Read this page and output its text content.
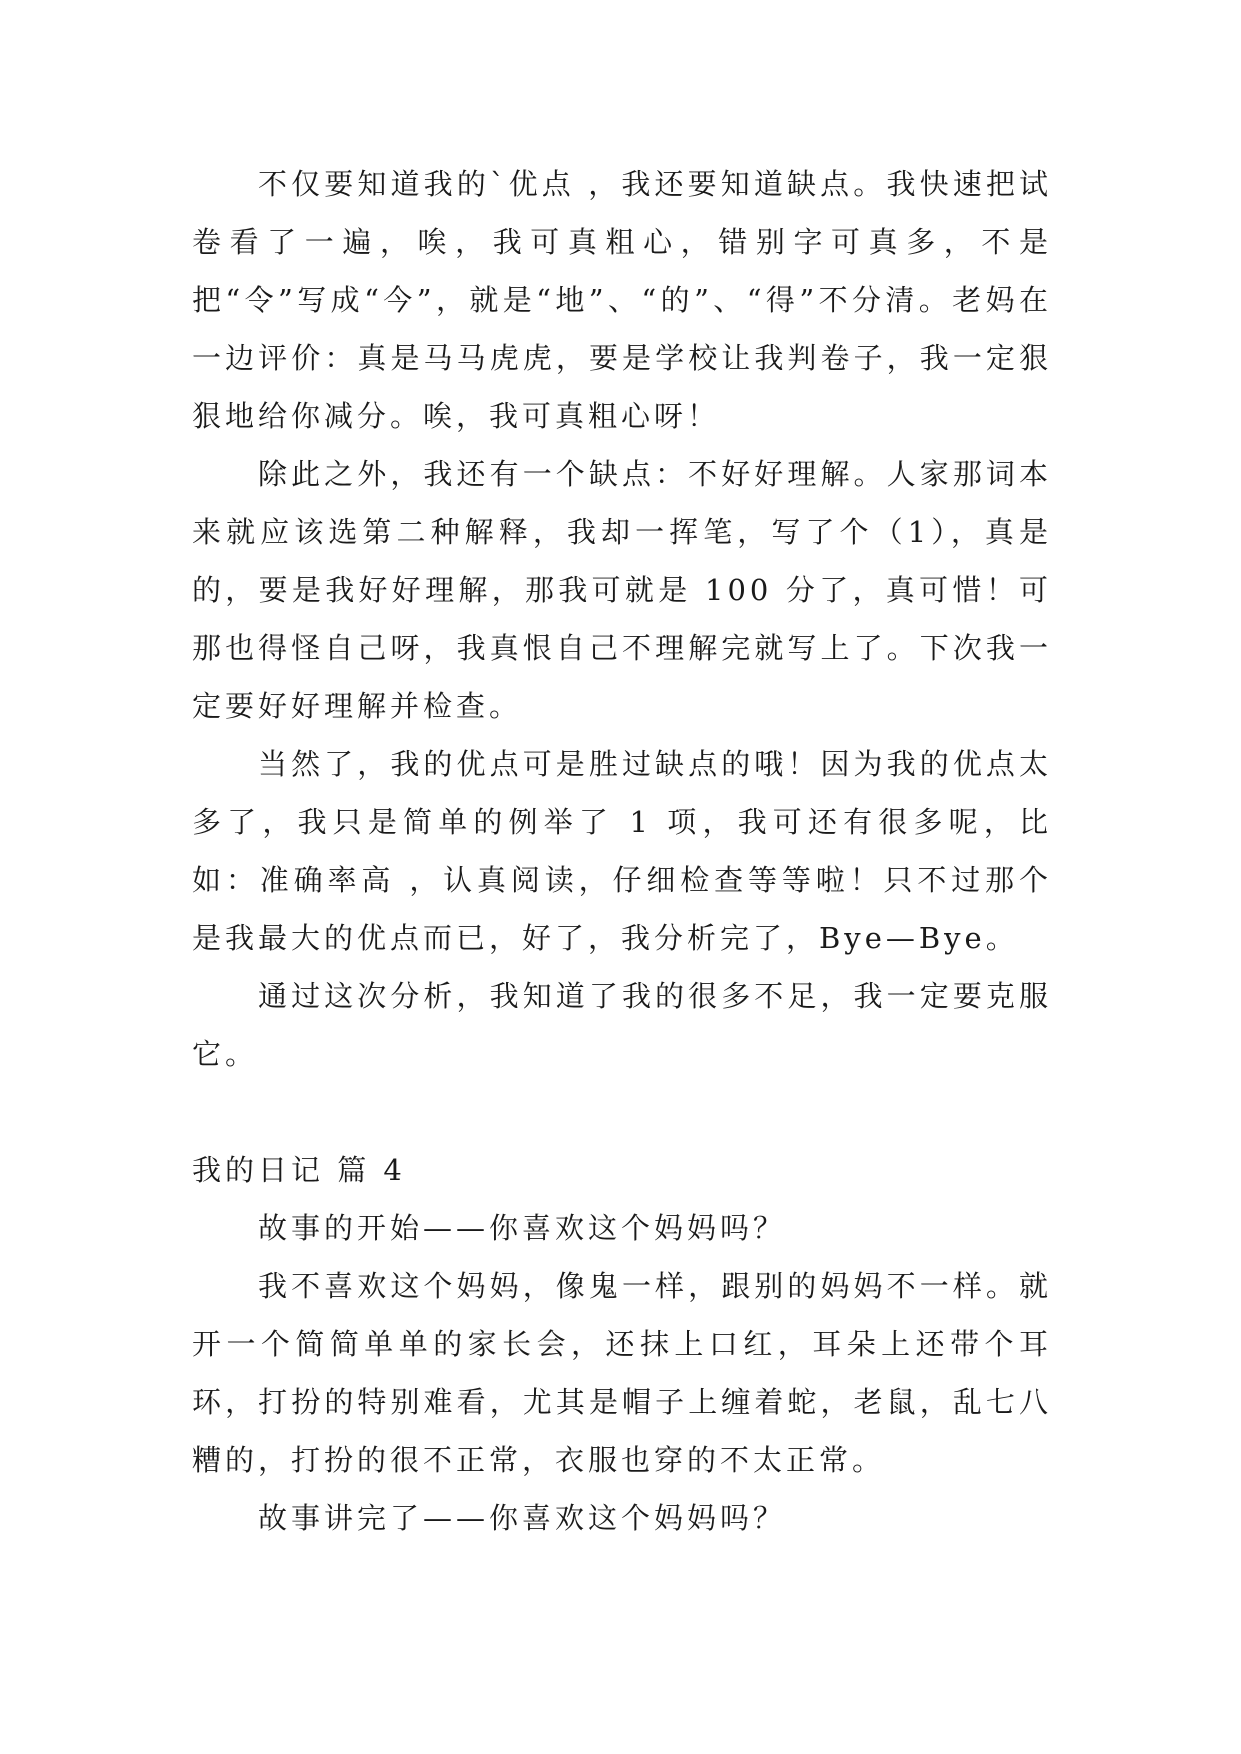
不仅要知道我的`优点 ，我还要知道缺点。我快速把试卷看了一遍，唉，我可真粗心，错别字可真多，不是把“令”写成“今”，就是“地”、“的”、“得”不分清。老妈在一边评价：真是马马虎虎，要是学校让我判卷子，我一定狠狠地给你减分。唉，我可真粗心呀！

除此之外，我还有一个缺点：不好好理解。人家那词本来就应该选第二种解释，我却一挥笔，写了个（1），真是的，要是我好好理解，那我可就是 100 分了，真可惜！可那也得怪自己呀，我真恨自己不理解完就写上了。下次我一定要好好理解并检查。

当然了，我的优点可是胜过缺点的哦！因为我的优点太多了，我只是简单的例举了 1 项，我可还有很多呢，比如：准确率高 ，认真阅读，仔细检查等等啦！只不过那个是我最大的优点而已，好了，我分析完了，Bye—Bye。

通过这次分析，我知道了我的很多不足，我一定要克服它。

我的日记 篇 4

故事的开始——你喜欢这个妈妈吗？

我不喜欢这个妈妈，像鬼一样，跟别的妈妈不一样。就开一个简简单单的家长会，还抹上口红，耳朵上还带个耳环，打扮的特别难看，尤其是帽子上缠着蛇，老鼠，乱七八糟的，打扮的很不正常，衣服也穿的不太正常。

故事讲完了——你喜欢这个妈妈吗？
